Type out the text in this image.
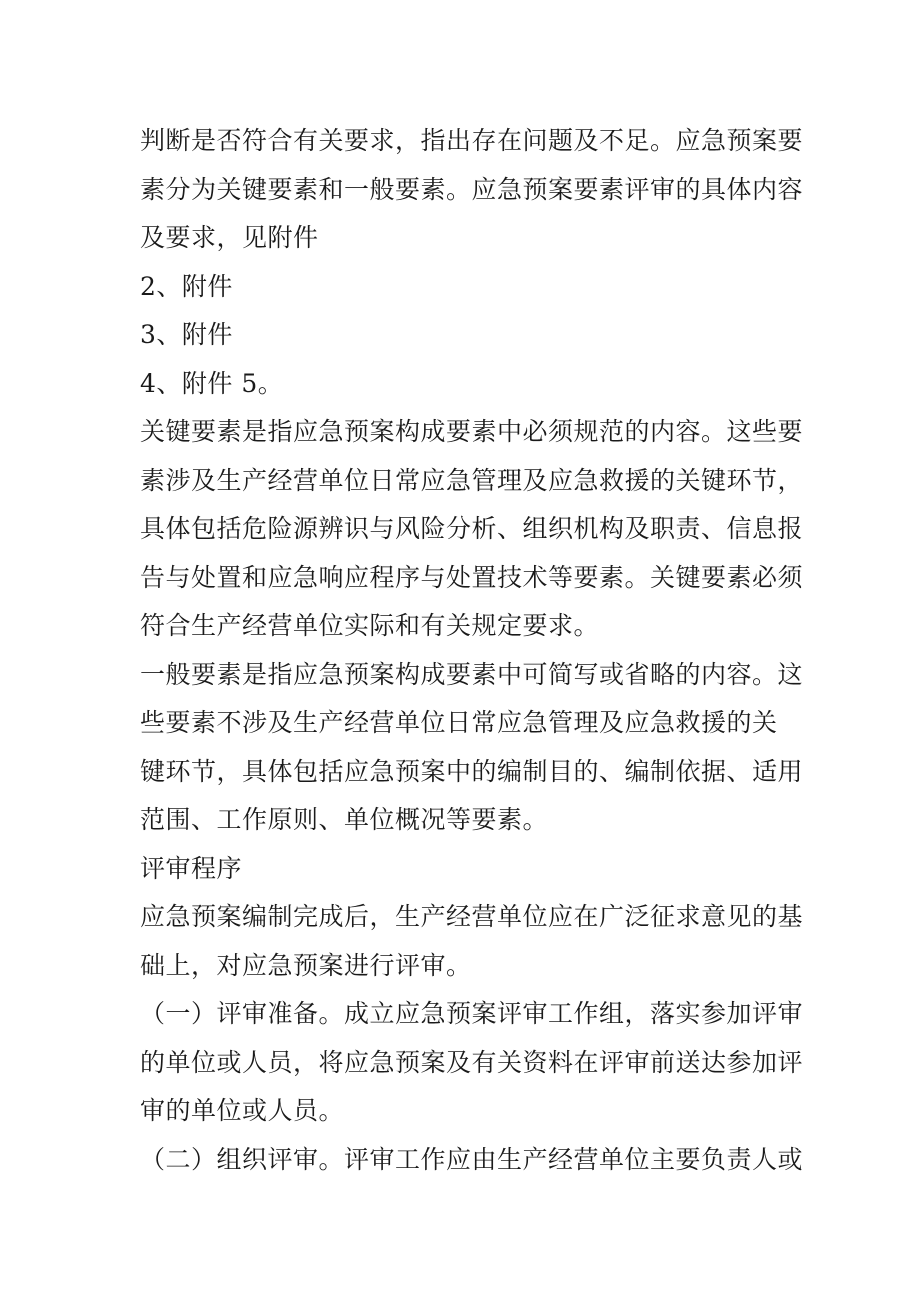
判断是否符合有关要求，指出存在问题及不足。应急预案要
素分为关键要素和一般要素。应急预案要素评审的具体内容
及要求，见附件
2、附件
3、附件
4、附件 5。
关键要素是指应急预案构成要素中必须规范的内容。这些要
素涉及生产经营单位日常应急管理及应急救援的关键环节，
具体包括危险源辨识与风险分析、组织机构及职责、信息报
告与处置和应急响应程序与处置技术等要素。关键要素必须
符合生产经营单位实际和有关规定要求。
一般要素是指应急预案构成要素中可简写或省略的内容。这
些要素不涉及生产经营单位日常应急管理及应急救援的关
键环节，具体包括应急预案中的编制目的、编制依据、适用
范围、工作原则、单位概况等要素。
评审程序
应急预案编制完成后，生产经营单位应在广泛征求意见的基
础上，对应急预案进行评审。
（一）评审准备。成立应急预案评审工作组，落实参加评审
的单位或人员，将应急预案及有关资料在评审前送达参加评
审的单位或人员。
（二）组织评审。评审工作应由生产经营单位主要负责人或
